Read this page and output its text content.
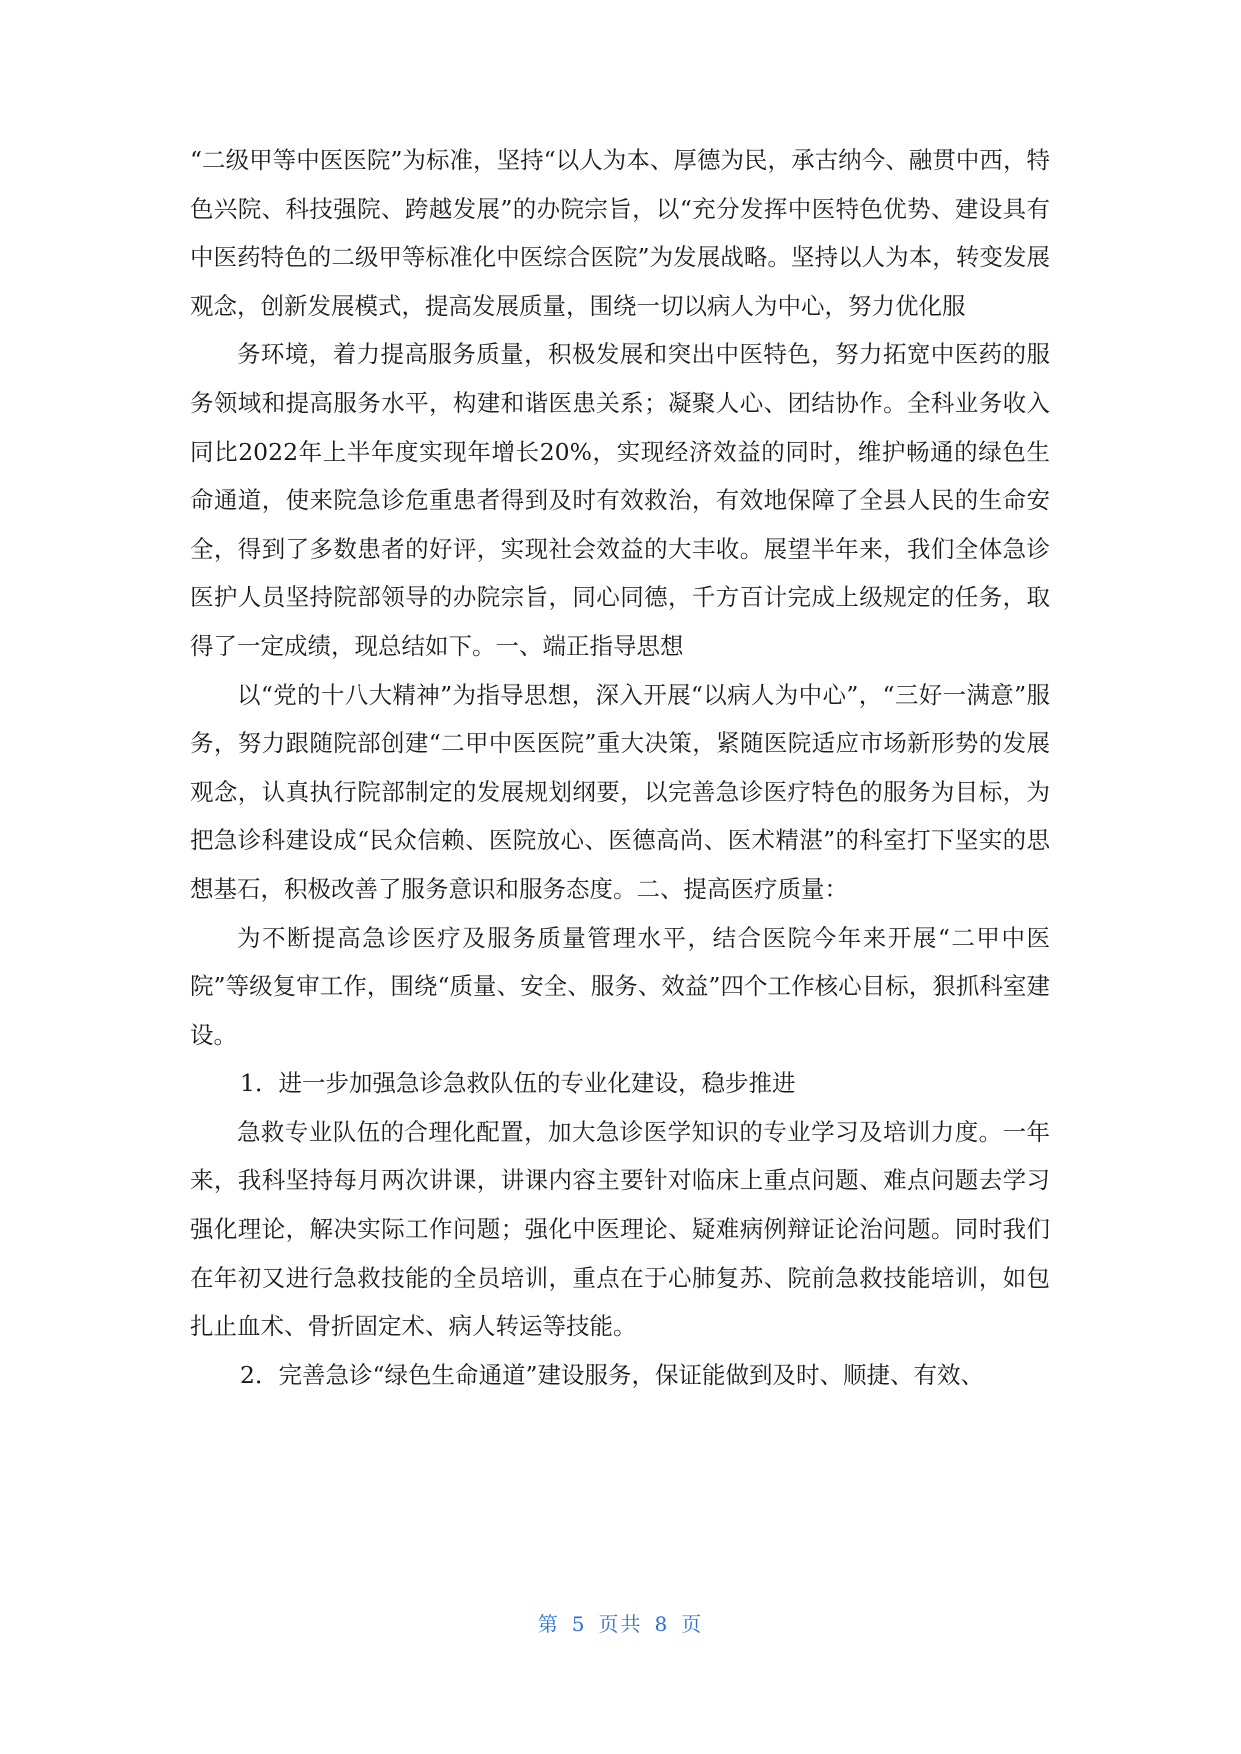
“二级甲等中医医院”为标准，坚持“以人为本、厚德为民，承古纳今、融贯中西，特色兴院、科技强院、跨越发展”的办院宗旨，以“充分发挥中医特色优势、建设具有中医药特色的二级甲等标准化中医综合医院”为发展战略。坚持以人为本，转变发展观念，创新发展模式，提高发展质量，围绕一切以病人为中心，努力优化服

务环境，着力提高服务质量，积极发展和突出中医特色，努力拓宽中医药的服务领域和提高服务水平，构建和谐医患关系；凝聚人心、团结协作。全科业务收入同比2022年上半年度实现年增长20%，实现经济效益的同时，维护畅通的绿色生命通道，使来院急诊危重患者得到及时有效救治，有效地保障了全县人民的生命安全，得到了多数患者的好评，实现社会效益的大丰收。展望半年来，我们全体急诊医护人员坚持院部领导的办院宗旨，同心同德，千方百计完成上级规定的任务，取得了一定成绩，现总结如下。一、端正指导思想

以“党的十八大精神”为指导思想，深入开展“以病人为中心”，“三好一满意”服务，努力跟随院部创建“二甲中医医院”重大决策，紧随医院适应市场新形势的发展观念，认真执行院部制定的发展规划纲要，以完善急诊医疗特色的服务为目标，为把急诊科建设成“民众信赖、医院放心、医德高尚、医术精湛”的科室打下坚实的思想基石，积极改善了服务意识和服务态度。二、提高医疗质量：

为不断提高急诊医疗及服务质量管理水平，结合医院今年来开展“二甲中医院”等级复审工作，围绕“质量、安全、服务、效益”四个工作核心目标，狠抓科室建设。

1．进一步加强急诊急救队伍的专业化建设，稳步推进

急救专业队伍的合理化配置，加大急诊医学知识的专业学习及培训力度。一年来，我科坚持每月两次讲课，讲课内容主要针对临床上重点问题、难点问题去学习强化理论，解决实际工作问题；强化中医理论、疑难病例辩证论治问题。同时我们在年初又进行急救技能的全员培训，重点在于心肺复苏、院前急救技能培训，如包扎止血术、骨折固定术、病人转运等技能。

2．完善急诊“绿色生命通道”建设服务，保证能做到及时、顺捷、有效、

第 5 页共 8 页
